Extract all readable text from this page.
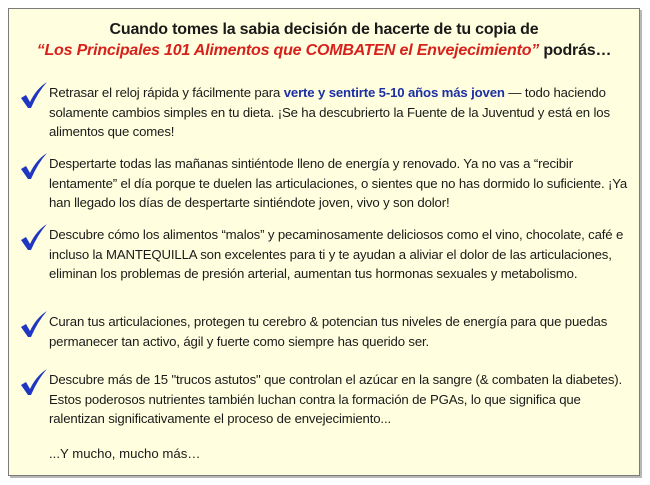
Cuando tomes la sabia decisión de hacerte de tu copia de
“Los Principales 101 Alimentos que COMBATEN el Envejecimiento” podrás…
Retrasar el reloj rápida y fácilmente para verte y sentirte 5-10 años más joven — todo haciendo solamente cambios simples en tu dieta. ¡Se ha descubrierto la Fuente de la Juventud y está en los alimentos que comes!
Despertarte todas las mañanas sintiéntode lleno de energía y renovado. Ya no vas a “recibir lentamente” el día porque te duelen las articulaciones, o sientes que no has dormido lo suficiente. ¡Ya han llegado los días de despertarte sintiéndote joven, vivo y son dolor!
Descubre cómo los alimentos “malos” y pecaminosamente deliciosos como el vino, chocolate, café e incluso la MANTEQUILLA son excelentes para ti y te ayudan a aliviar el dolor de las articulaciones, eliminan los problemas de presión arterial, aumentan tus hormonas sexuales y metabolismo.
Curan tus articulaciones, protegen tu cerebro & potencian tus niveles de energía para que puedas permanecer tan activo, ágil y fuerte como siempre has querido ser.
Descubre más de 15 "trucos astutos" que controlan el azúcar en la sangre (& combaten la diabetes). Estos poderosos nutrientes también luchan contra la formación de PGAs, lo que significa que ralentizan significativamente el proceso de envejecimiento...
...Y mucho, mucho más…
